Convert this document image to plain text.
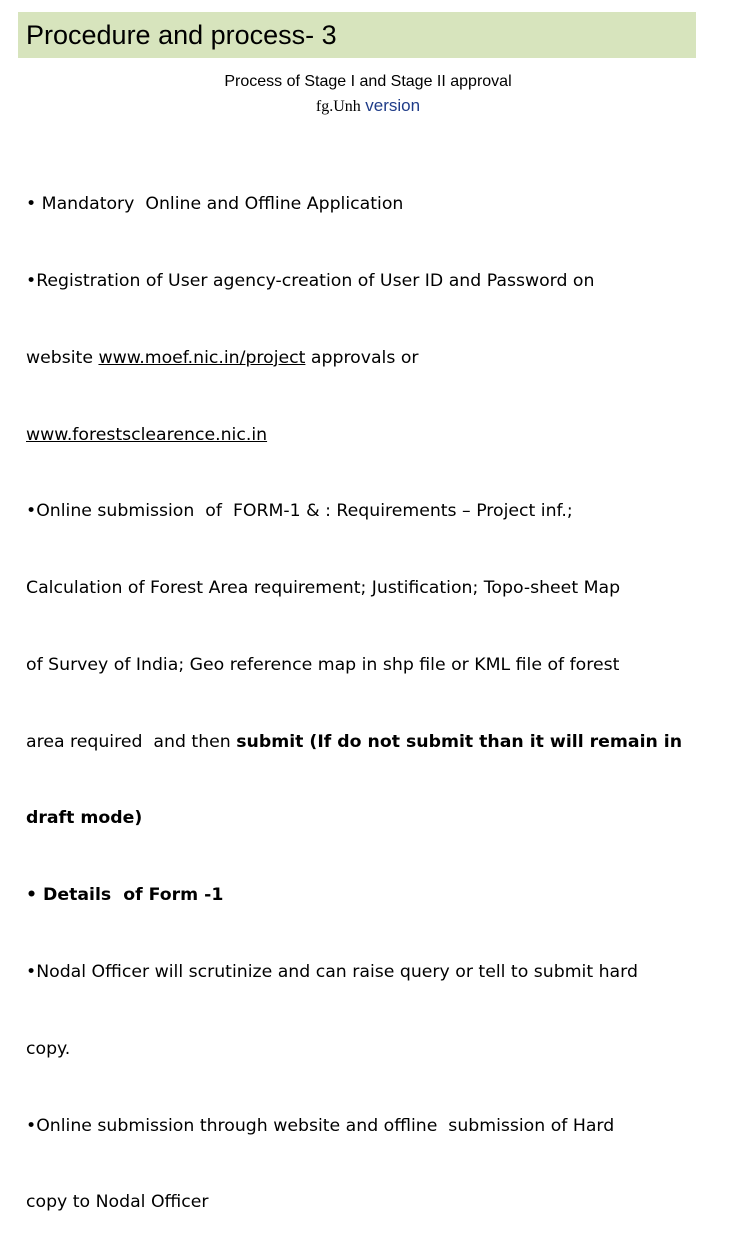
Procedure and process- 3
Process of Stage I and Stage II approval
fg.Unh version

• Mandatory  Online and Offline Application

•Registration of User agency-creation of User ID and Password on

website www.moef.nic.in/project approvals or

www.forestsclearence.nic.in

•Online submission  of  FORM-1 & : Requirements – Project inf.;

Calculation of Forest Area requirement; Justification; Topo-sheet Map

of Survey of India; Geo reference map in shp file or KML file of forest

area required  and then submit (If do not submit than it will remain in

draft mode)

• Details  of Form -1

•Nodal Officer will scrutinize and can raise query or tell to submit hard

copy.

•Online submission through website and offline  submission of Hard

copy to Nodal Officer
